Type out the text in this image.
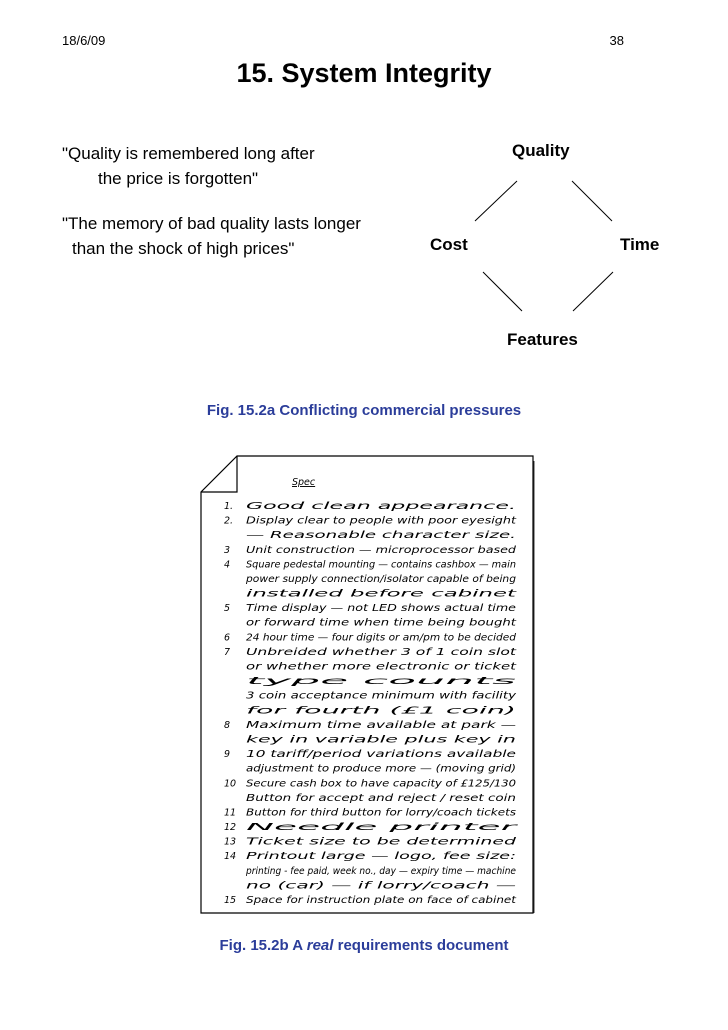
18/6/09	38
15. System Integrity
"Quality is remembered long after
the price is forgotten"
"The memory of bad quality lasts longer
than the shock of high prices"
Quality
Cost	Time
Features
Fig. 15.2a Conflicting commercial pressures
Spec
1. Good clean appearance.
2. Display clear to people with poor eyesight
— Reasonable character size.
3 Unit construction — microprocessor based
4 Square pedestal mounting — contains cashbox — main
power supply connection/isolator capable of being
installed before cabinet
5 Time display — not LED shows actual time
or forward time when time being bought
6 24 hour time — four digits or am/pm to be decided
7 Unbreided whether 3 of 1 coin slot
or whether more electronic or ticket
type counts
3 coin acceptance minimum with facility
for fourth (£1 coin)
8 Maximum time available at park —
key in variable plus key in
9 10 tariff/period variations available
adjustment to produce more — (moving grid)
10 Secure cash box to have capacity of £125/130
Button for accept and reject / reset coin
11 Button for third button for lorry/coach tickets
12 Needle printer
13 Ticket size to be determined
14 Printout large — logo, fee size:
printing - fee paid, week no., day — expiry time — machine
no (car) — if lorry/coach —
15 Space for instruction plate on face of cabinet
Fig. 15.2b A real requirements document
